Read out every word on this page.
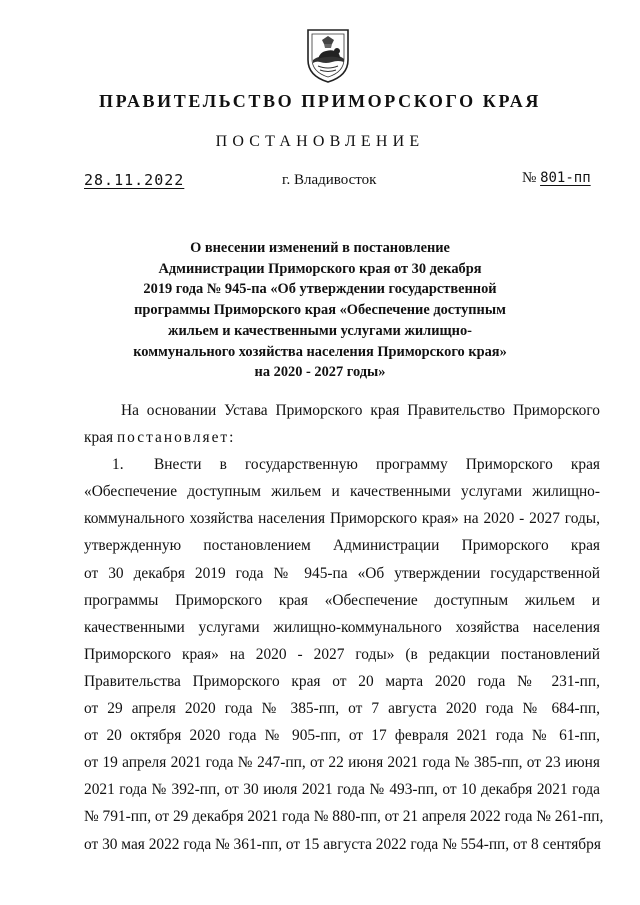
ПРАВИТЕЛЬСТВО ПРИМОРСКОГО КРАЯ
ПОСТАНОВЛЕНИЕ
28.11.2022	г. Владивосток	№ 801-пп
О внесении изменений в постановление
Администрации Приморского края от 30 декабря
2019 года № 945-па «Об утверждении государственной
программы Приморского края «Обеспечение доступным
жильем и качественными услугами жилищно-
коммунального хозяйства населения Приморского края»
на 2020 - 2027 годы»
На основании Устава Приморского края Правительство Приморского
края постановляет:
1. Внести в государственную программу Приморского края
«Обеспечение доступным жильем и качественными услугами жилищно-
коммунального хозяйства населения Приморского края» на 2020 - 2027 годы,
утвержденную постановлением Администрации Приморского края
от 30 декабря 2019 года № 945-па «Об утверждении государственной
программы Приморского края «Обеспечение доступным жильем и
качественными услугами жилищно-коммунального хозяйства населения
Приморского края» на 2020 - 2027 годы» (в редакции постановлений
Правительства Приморского края от 20 марта 2020 года № 231-пп,
от 29 апреля 2020 года № 385-пп, от 7 августа 2020 года № 684-пп,
от 20 октября 2020 года № 905-пп, от 17 февраля 2021 года № 61-пп,
от 19 апреля 2021 года № 247-пп, от 22 июня 2021 года № 385-пп, от 23 июня
2021 года № 392-пп, от 30 июля 2021 года № 493-пп, от 10 декабря 2021 года
№ 791-пп, от 29 декабря 2021 года № 880-пп, от 21 апреля 2022 года № 261-пп,
от 30 мая 2022 года № 361-пп, от 15 августа 2022 года № 554-пп, от 8 сентября
